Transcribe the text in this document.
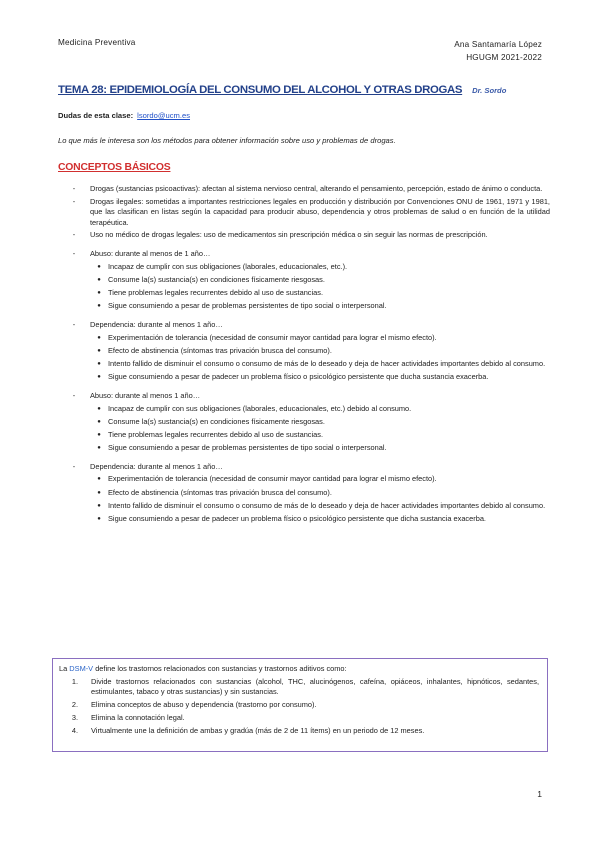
Medicina Preventiva	Ana Santamaría López
HGUGM 2021-2022
TEMA 28: EPIDEMIOLOGÍA DEL CONSUMO DEL ALCOHOL Y OTRAS DROGAS Dr. Sordo
Dudas de esta clase: lsordo@ucm.es
Lo que más le interesa son los métodos para obtener información sobre uso y problemas de drogas.
CONCEPTOS BÁSICOS
-	Drogas (sustancias psicoactivas): afectan al sistema nervioso central, alterando el pensamiento, percepción, estado de ánimo o conducta.
-	Drogas ilegales: sometidas a importantes restricciones legales en producción y distribución por Convenciones ONU de 1961, 1971 y 1981, que las clasifican en listas según la capacidad para producir abuso, dependencia y otros problemas de salud o en función de la utilidad terapéutica.
-	Uso no médico de drogas legales: uso de medicamentos sin prescripción médica o sin seguir las normas de prescripción.
-	Abuso: durante al menos de 1 año…
● Incapaz de cumplir con sus obligaciones (laborales, educacionales, etc.).
● Consume la(s) sustancia(s) en condiciones físicamente riesgosas.
● Tiene problemas legales recurrentes debido al uso de sustancias.
● Sigue consumiendo a pesar de problemas persistentes de tipo social o interpersonal.
-	Dependencia: durante al menos 1 año…
● Experimentación de tolerancia (necesidad de consumir mayor cantidad para lograr el mismo efecto).
● Efecto de abstinencia (síntomas tras privación brusca del consumo).
● Intento fallido de disminuir el consumo o consumo de más de lo deseado y deja de hacer actividades importantes debido al consumo.
● Sigue consumiendo a pesar de padecer un problema físico o psicológico persistente que ducha sustancia exacerba.
-	Abuso: durante al menos 1 año…
● Incapaz de cumplir con sus obligaciones (laborales, educacionales, etc.) debido al consumo.
● Consume la(s) sustancia(s) en condiciones físicamente riesgosas.
● Tiene problemas legales recurrentes debido al uso de sustancias.
● Sigue consumiendo a pesar de problemas persistentes de tipo social o interpersonal.
-	Dependencia: durante al menos 1 año…
● Experimentación de tolerancia (necesidad de consumir mayor cantidad para lograr el mismo efecto).
● Efecto de abstinencia (síntomas tras privación brusca del consumo).
● Intento fallido de disminuir el consumo o consumo de más de lo deseado y deja de hacer actividades importantes debido al consumo.
● Sigue consumiendo a pesar de padecer un problema físico o psicológico persistente que dicha sustancia exacerba.
La DSM-V define los trastornos relacionados con sustancias y trastornos aditivos como:
1.	Divide trastornos relacionados con sustancias (alcohol, THC, alucinógenos, cafeína, opiáceos, inhalantes, hipnóticos, sedantes, estimulantes, tabaco y otras sustancias) y sin sustancias.
2.	Elimina conceptos de abuso y dependencia (trastorno por consumo).
3.	Elimina la connotación legal.
4.	Virtualmente une la definición de ambas y gradúa (más de 2 de 11 ítems) en un periodo de 12 meses.
1
